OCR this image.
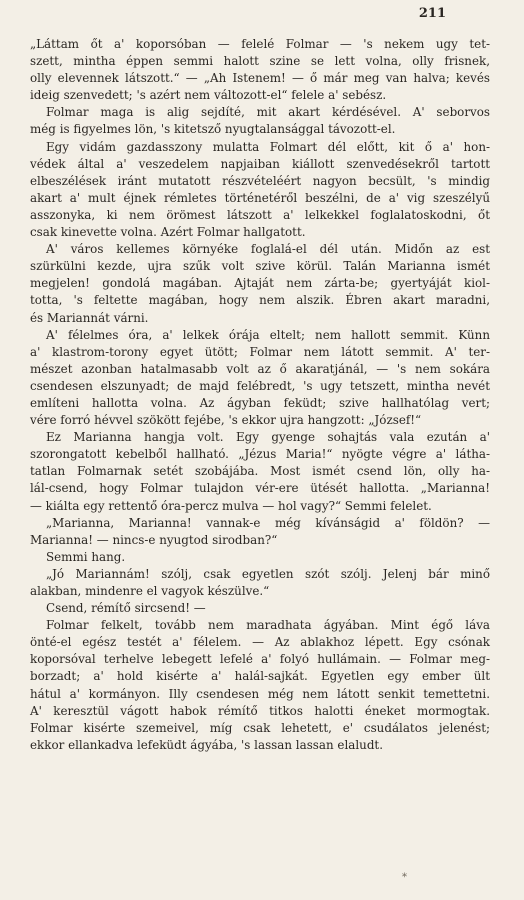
211

„Láttam őt a' koporsóban — felelé Folmar — 's nekem ugy tet-
szett, mintha éppen semmi halott szine se lett volna, olly frisnek,
olly elevennek látszott.“ — „Ah Istenem! — ő már meg van halva; kevés
ideig szenvedett; 's azért nem változott-el“ felele a' sebész.

Folmar maga is alig sejdíté, mit akart kérdésével. A' seborvos
még is figyelmes lön, 's kitetsző nyugtalansággal távozott-el.

Egy vidám gazdasszony mulatta Folmart dél előtt, kit ő a' hon-
védek által a' veszedelem napjaiban kiállott szenvedésekről tartott
elbeszélések iránt mutatott részvételéért nagyon becsült, 's mindig
akart a' mult éjnek rémletes történetéről beszélni, de a' vig szeszélyű
asszonyka, ki nem örömest látszott a' lelkekkel foglalatoskodni, őt
csak kinevette volna. Azért Folmar hallgatott.

A' város kellemes környéke foglalá-el dél után. Midőn az est
szürkülni kezde, ujra szűk volt szive körül. Talán Marianna ismét
megjelen! gondolá magában. Ajtaját nem zárta-be; gyertyáját kiol-
totta, 's feltette magában, hogy nem alszik. Ébren akart maradni,
és Mariannát várni.

A' félelmes óra, a' lelkek órája eltelt; nem hallott semmit. Künn
a' klastrom-torony egyet ütött; Folmar nem látott semmit. A' ter-
mészet azonban hatalmasabb volt az ő akaratjánál, — 's nem sokára
csendesen elszunyadt; de majd felébredt, 's ugy tetszett, mintha nevét
említeni hallotta volna. Az ágyban feküdt; szive hallhatólag vert;
vére forró hévvel szökött fejébe, 's ekkor ujra hangzott: „József!“

Ez Marianna hangja volt. Egy gyenge sohajtás vala ezután a'
szorongatott kebelből hallható. „Jézus Maria!“ nyögte végre a' látha-
tatlan Folmarnak setét szobájába. Most ismét csend lön, olly ha-
lál-csend, hogy Folmar tulajdon vér-ere ütését hallotta. „Marianna!
— kiálta egy rettentő óra-percz mulva — hol vagy?“ Semmi felelet.

„Marianna, Marianna! vannak-e még kívánságid a' földön? —
Marianna! — nincs-e nyugtod sirodban?“

Semmi hang.

„Jó Mariannám! szólj, csak egyetlen szót szólj. Jelenj bár minő
alakban, mindenre el vagyok készülve.“

Csend, rémítő sircsend! —

Folmar felkelt, tovább nem maradhata ágyában. Mint égő láva
önté-el egész testét a' félelem. — Az ablakhoz lépett. Egy csónak
koporsóval terhelve lebegett lefelé a' folyó hullámain. — Folmar meg-
borzadt; a' hold kisérte a' halál-sajkát. Egyetlen egy ember ült
hátul a' kormányon. Illy csendesen még nem látott senkit temettetni.
A' keresztül vágott habok rémítő titkos halotti éneket mormogtak.
Folmar kisérte szemeivel, míg csak lehetett, e' csudálatos jelenést;
ekkor ellankadva lefeküdt ágyába, 's lassan lassan elaludt.

*
